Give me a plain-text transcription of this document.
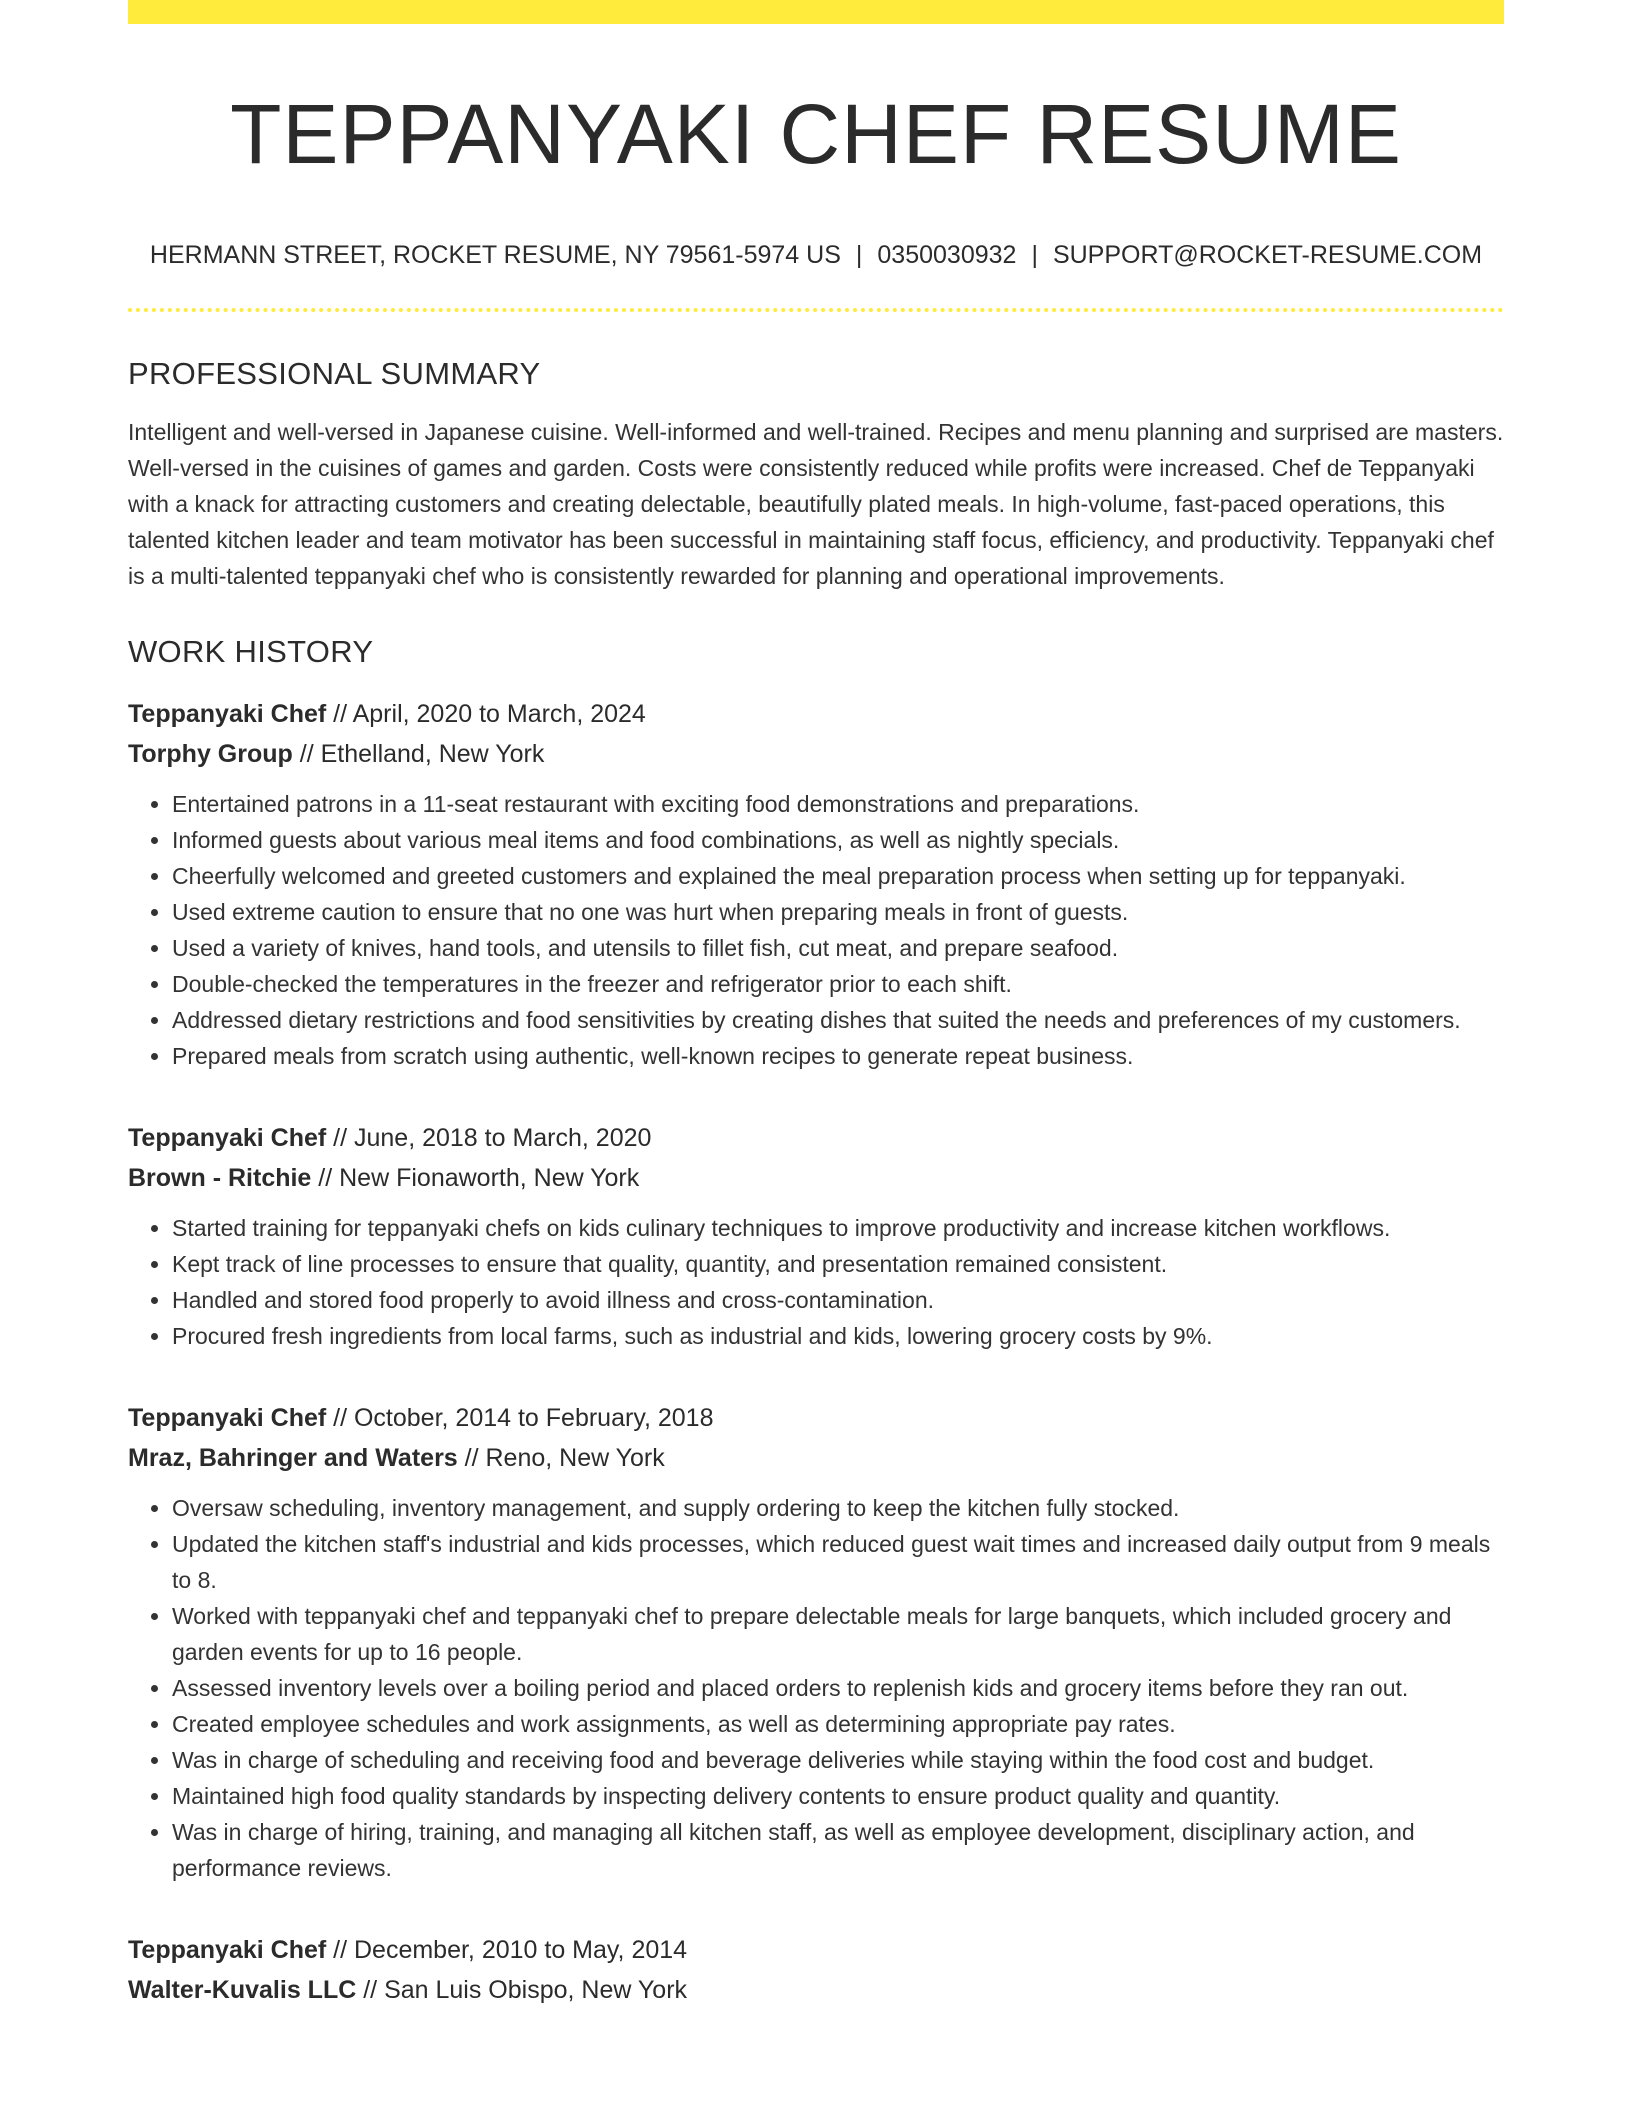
TEPPANYAKI CHEF RESUME
HERMANN STREET, ROCKET RESUME, NY 79561-5974 US | 0350030932 | SUPPORT@ROCKET-RESUME.COM
PROFESSIONAL SUMMARY

Intelligent and well-versed in Japanese cuisine. Well-informed and well-trained. Recipes and menu planning and surprised are masters. Well-versed in the cuisines of games and garden. Costs were consistently reduced while profits were increased. Chef de Teppanyaki with a knack for attracting customers and creating delectable, beautifully plated meals. In high-volume, fast-paced operations, this talented kitchen leader and team motivator has been successful in maintaining staff focus, efficiency, and productivity. Teppanyaki chef is a multi-talented teppanyaki chef who is consistently rewarded for planning and operational improvements.

WORK HISTORY
Teppanyaki Chef // April, 2020 to March, 2024
Torphy Group // Ethelland, New York
• Entertained patrons in a 11-seat restaurant with exciting food demonstrations and preparations.
• Informed guests about various meal items and food combinations, as well as nightly specials.
• Cheerfully welcomed and greeted customers and explained the meal preparation process when setting up for teppanyaki.
• Used extreme caution to ensure that no one was hurt when preparing meals in front of guests.
• Used a variety of knives, hand tools, and utensils to fillet fish, cut meat, and prepare seafood.
• Double-checked the temperatures in the freezer and refrigerator prior to each shift.
• Addressed dietary restrictions and food sensitivities by creating dishes that suited the needs and preferences of my customers.
• Prepared meals from scratch using authentic, well-known recipes to generate repeat business.
Teppanyaki Chef // June, 2018 to March, 2020
Brown - Ritchie // New Fionaworth, New York
• Started training for teppanyaki chefs on kids culinary techniques to improve productivity and increase kitchen workflows.
• Kept track of line processes to ensure that quality, quantity, and presentation remained consistent.
• Handled and stored food properly to avoid illness and cross-contamination.
• Procured fresh ingredients from local farms, such as industrial and kids, lowering grocery costs by 9%.
Teppanyaki Chef // October, 2014 to February, 2018
Mraz, Bahringer and Waters // Reno, New York
• Oversaw scheduling, inventory management, and supply ordering to keep the kitchen fully stocked.
• Updated the kitchen staff's industrial and kids processes, which reduced guest wait times and increased daily output from 9 meals to 8.
• Worked with teppanyaki chef and teppanyaki chef to prepare delectable meals for large banquets, which included grocery and garden events for up to 16 people.
• Assessed inventory levels over a boiling period and placed orders to replenish kids and grocery items before they ran out.
• Created employee schedules and work assignments, as well as determining appropriate pay rates.
• Was in charge of scheduling and receiving food and beverage deliveries while staying within the food cost and budget.
• Maintained high food quality standards by inspecting delivery contents to ensure product quality and quantity.
• Was in charge of hiring, training, and managing all kitchen staff, as well as employee development, disciplinary action, and performance reviews.
Teppanyaki Chef // December, 2010 to May, 2014
Walter-Kuvalis LLC // San Luis Obispo, New York
